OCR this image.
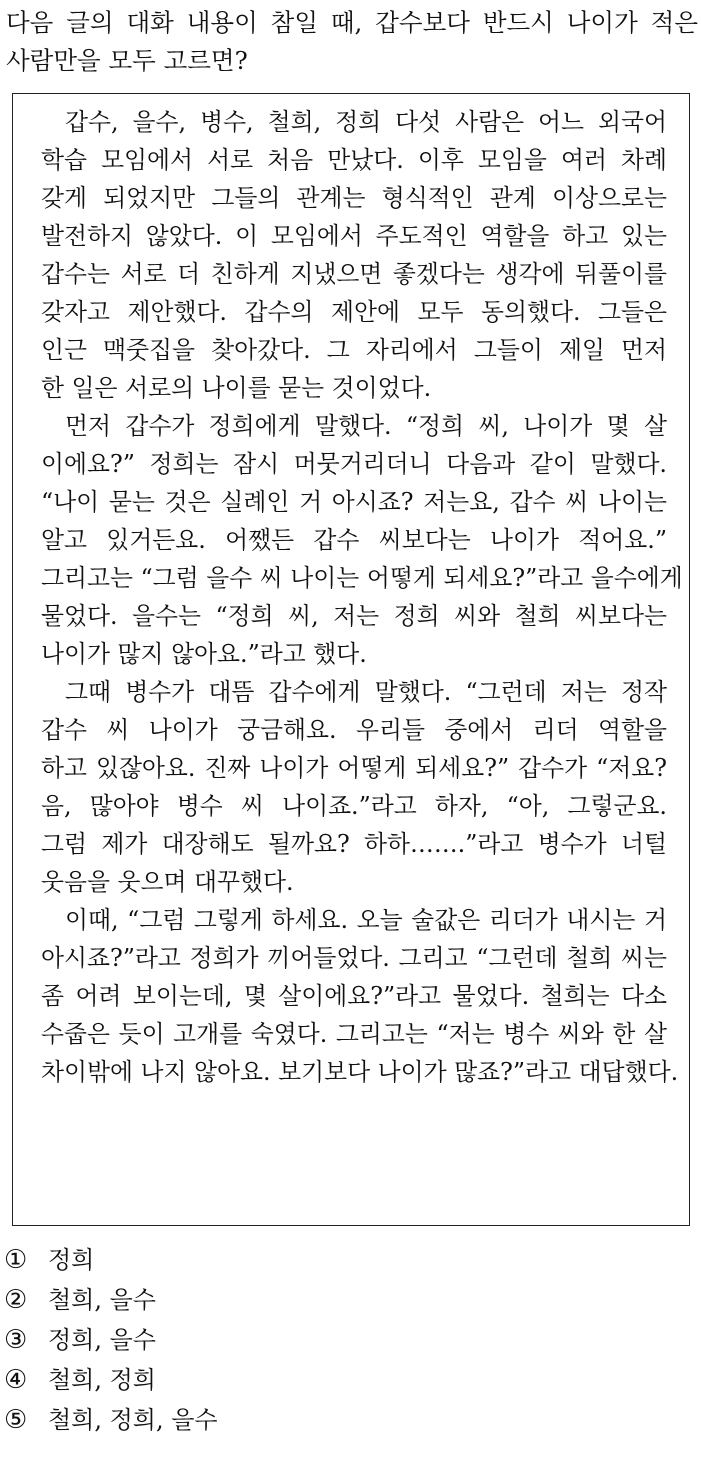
다음 글의 대화 내용이 참일 때, 갑수보다 반드시 나이가 적은
사람만을 모두 고르면?
갑수, 을수, 병수, 철희, 정희 다섯 사람은 어느 외국어
학습 모임에서 서로 처음 만났다. 이후 모임을 여러 차례
갖게 되었지만 그들의 관계는 형식적인 관계 이상으로는
발전하지 않았다. 이 모임에서 주도적인 역할을 하고 있는
갑수는 서로 더 친하게 지냈으면 좋겠다는 생각에 뒤풀이를
갖자고 제안했다. 갑수의 제안에 모두 동의했다. 그들은
인근 맥줏집을 찾아갔다. 그 자리에서 그들이 제일 먼저
한 일은 서로의 나이를 묻는 것이었다.
먼저 갑수가 정희에게 말했다. “정희 씨, 나이가 몇 살
이에요?” 정희는 잠시 머뭇거리더니 다음과 같이 말했다.
“나이 묻는 것은 실례인 거 아시죠? 저는요, 갑수 씨 나이는
알고 있거든요. 어쨌든 갑수 씨보다는 나이가 적어요.”
그리고는 “그럼 을수 씨 나이는 어떻게 되세요?”라고 을수에게
물었다. 을수는 “정희 씨, 저는 정희 씨와 철희 씨보다는
나이가 많지 않아요.”라고 했다.
그때 병수가 대뜸 갑수에게 말했다. “그런데 저는 정작
갑수 씨 나이가 궁금해요. 우리들 중에서 리더 역할을
하고 있잖아요. 진짜 나이가 어떻게 되세요?” 갑수가 “저요?
음, 많아야 병수 씨 나이죠.”라고 하자, “아, 그렇군요.
그럼 제가 대장해도 될까요? 하하…….”라고 병수가 너털
웃음을 웃으며 대꾸했다.
이때, “그럼 그렇게 하세요. 오늘 술값은 리더가 내시는 거
아시죠?”라고 정희가 끼어들었다. 그리고 “그런데 철희 씨는
좀 어려 보이는데, 몇 살이에요?”라고 물었다. 철희는 다소
수줍은 듯이 고개를 숙였다. 그리고는 “저는 병수 씨와 한 살
차이밖에 나지 않아요. 보기보다 나이가 많죠?”라고 대답했다.
① 정희
② 철희, 을수
③ 정희, 을수
④ 철희, 정희
⑤ 철희, 정희, 을수
